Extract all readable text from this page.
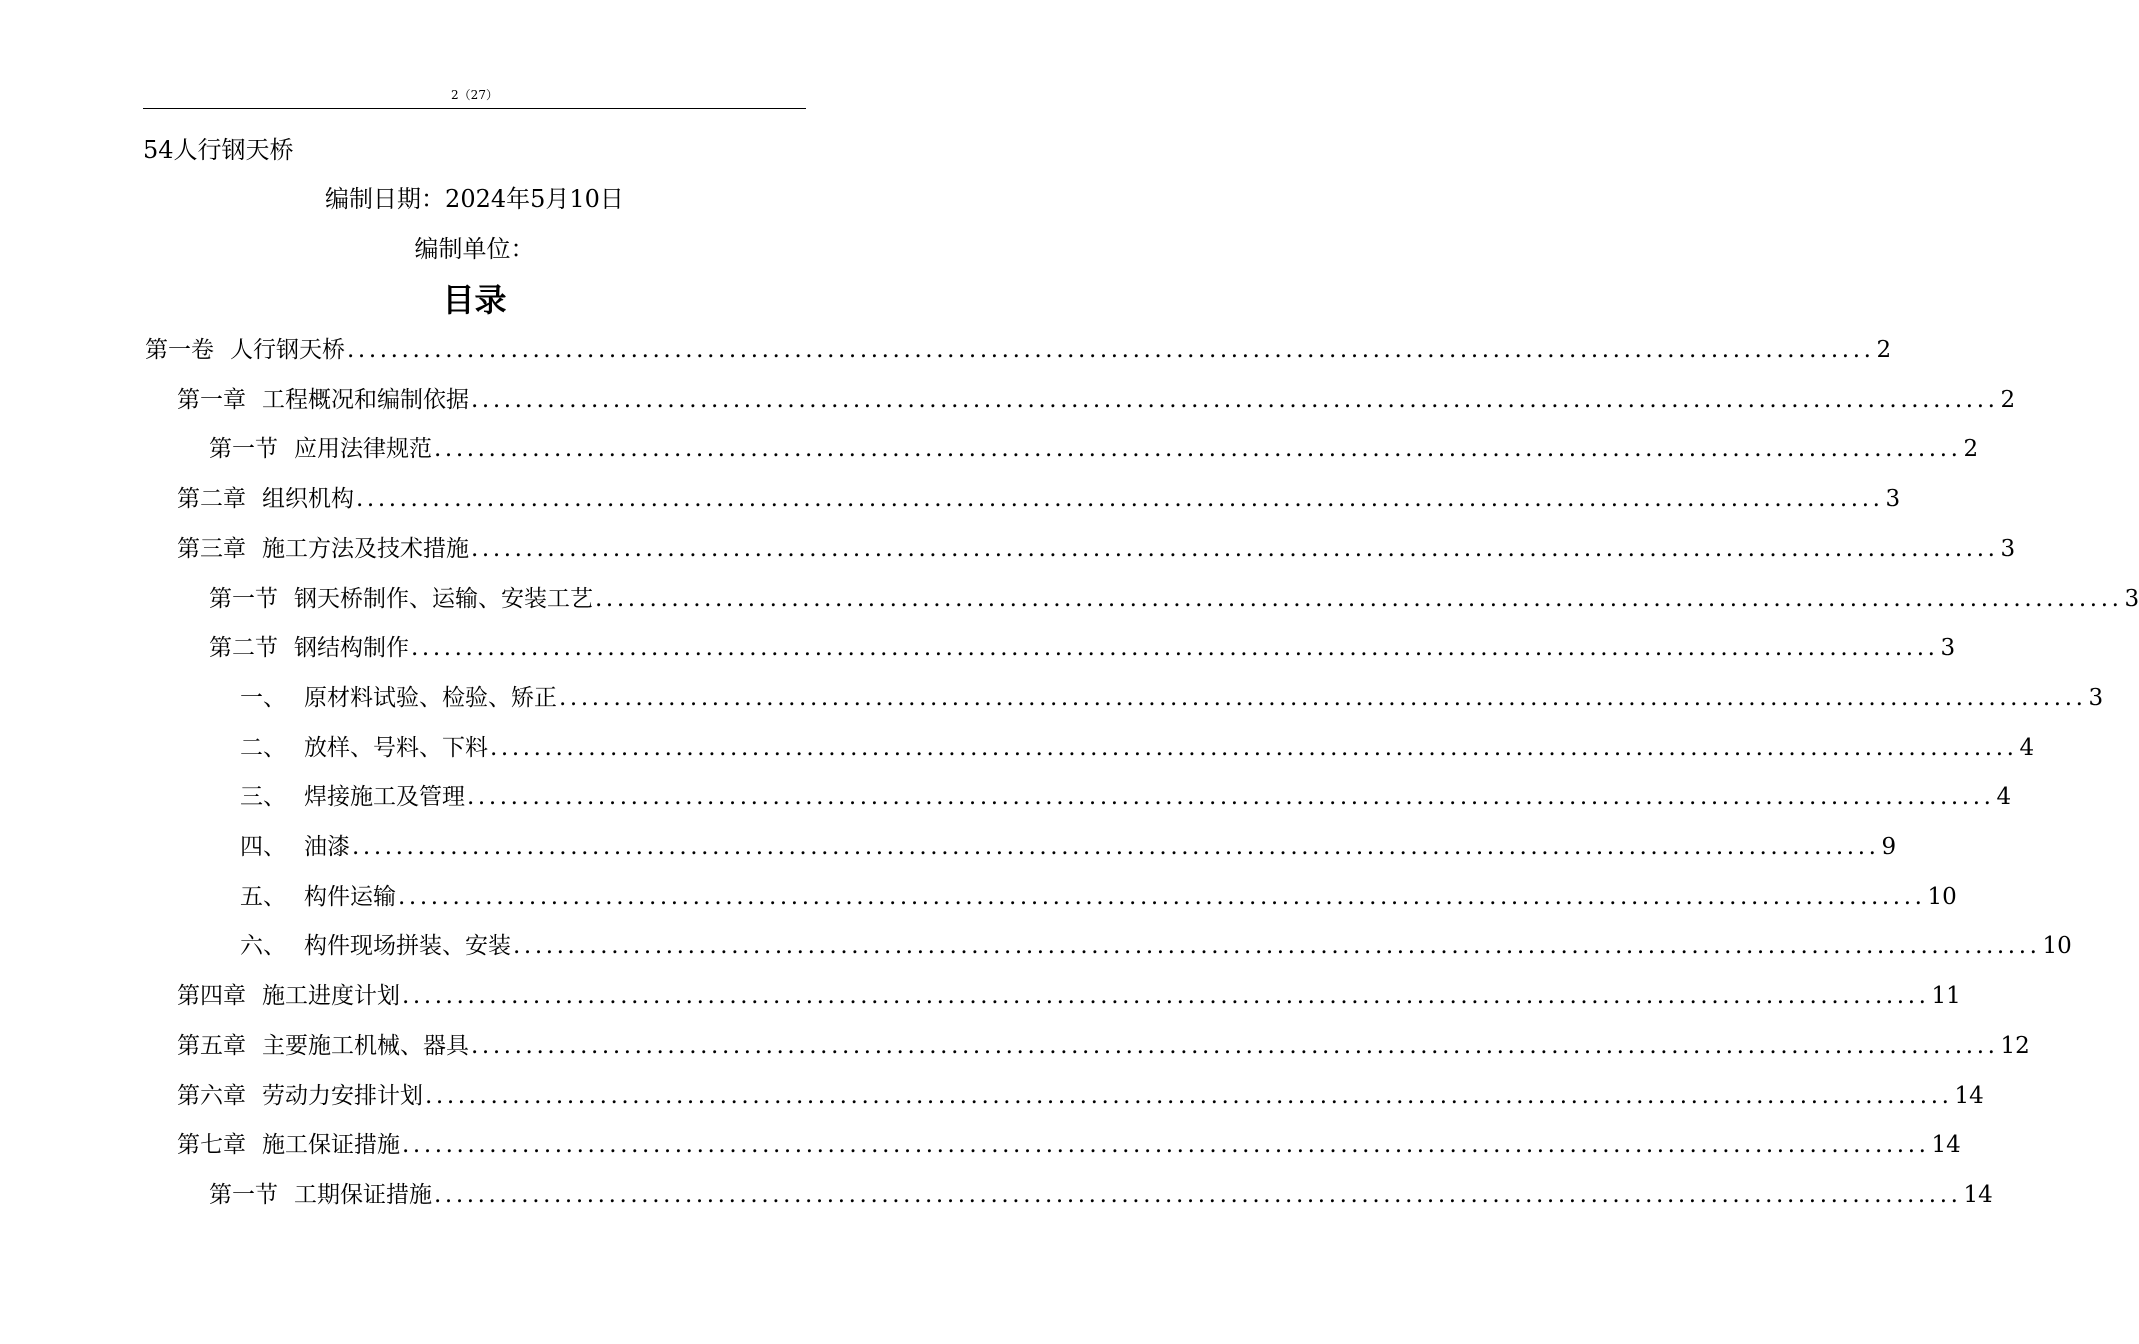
2（27）
54人行钢天桥
编制日期：2024年5月10日
编制单位：
目录
第一卷 人行钢天桥 ............................................................................................................................................ 2
第一章 工程概况和编制依据 ............................................................................................................................................ 2
第一节 应用法律规范 ............................................................................................................................................ 2
第二章 组织机构 ............................................................................................................................................ 3
第三章 施工方法及技术措施 ............................................................................................................................................ 3
第一节 钢天桥制作、运输、安装工艺 ............................................................................................................................................ 3
第二节 钢结构制作 ............................................................................................................................................ 3
一、 原材料试验、检验、矫正 ............................................................................................................................................ 3
二、 放样、号料、下料 ............................................................................................................................................ 4
三、 焊接施工及管理 ............................................................................................................................................ 4
四、 油漆 ............................................................................................................................................ 9
五、 构件运输 ............................................................................................................................................ 10
六、 构件现场拼装、安装 ............................................................................................................................................ 10
第四章 施工进度计划 ............................................................................................................................................ 11
第五章 主要施工机械、器具 ............................................................................................................................................ 12
第六章 劳动力安排计划 ............................................................................................................................................ 14
第七章 施工保证措施 ............................................................................................................................................ 14
第一节 工期保证措施 ............................................................................................................................................ 14
